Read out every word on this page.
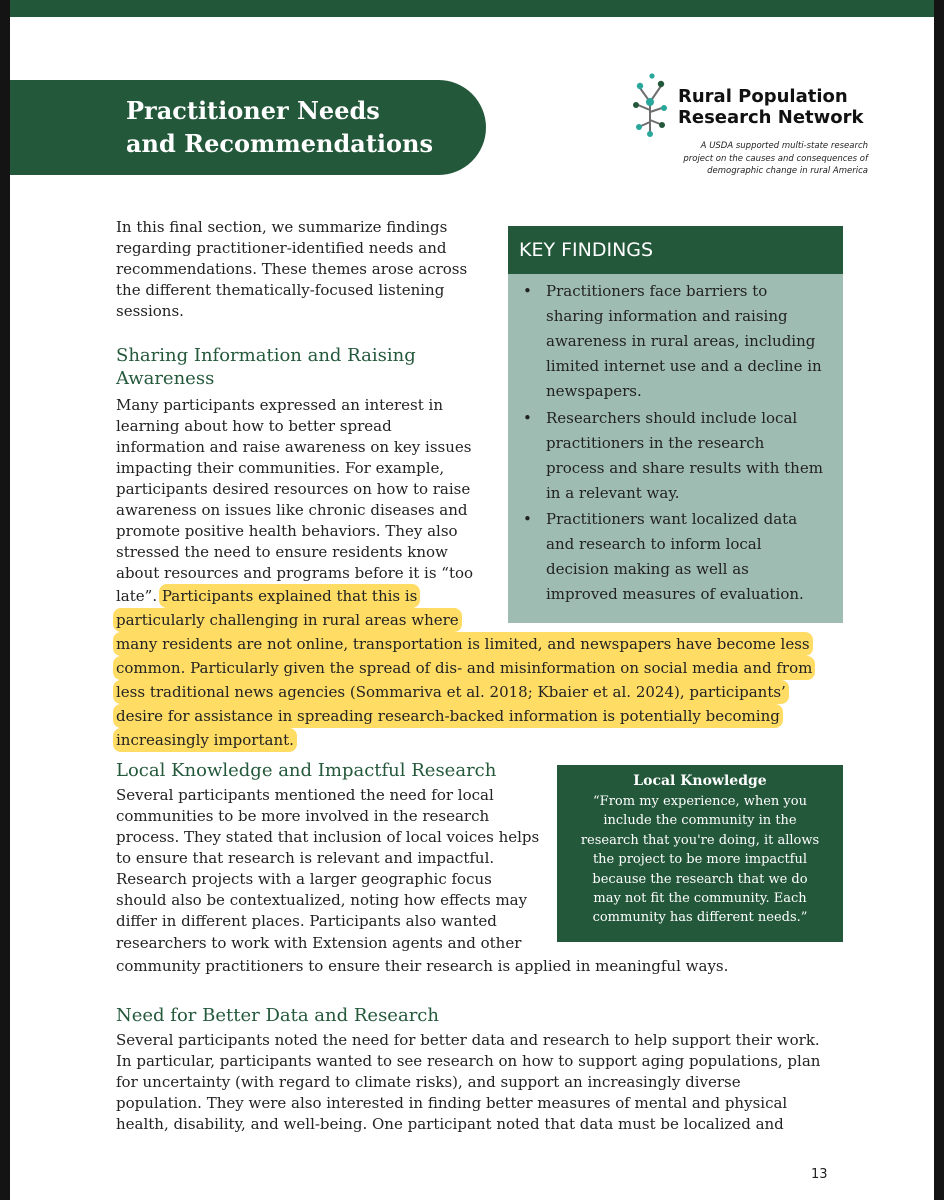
Practitioner Needs
and Recommendations

Rural Population
Research Network

A USDA supported multi-state research
project on the causes and consequences of
demographic change in rural America

In this final section, we summarize findings

regarding practitioner-identified needs and

recommendations. These themes arose across

the different thematically-focused listening

sessions.

Sharing Information and Raising
Awareness

Many participants expressed an interest in

learning about how to better spread

information and raise awareness on key issues

impacting their communities. For example,

participants desired resources on how to raise

awareness on issues like chronic diseases and

promote positive health behaviors. They also

stressed the need to ensure residents know

about resources and programs before it is “too

late”. Participants explained that this is

particularly challenging in rural areas where

many residents are not online, transportation is limited, and newspapers have become less

common. Particularly given the spread of dis- and misinformation on social media and from

less traditional news agencies (Sommariva et al. 2018; Kbaier et al. 2024), participants’

desire for assistance in spreading research-backed information is potentially becoming

increasingly important.

KEY FINDINGS

• Practitioners face barriers to

sharing information and raising

awareness in rural areas, including

limited internet use and a decline in

newspapers.

• Researchers should include local

practitioners in the research

process and share results with them

in a relevant way.

• Practitioners want localized data

and research to inform local

decision making as well as

improved measures of evaluation.

Local Knowledge and Impactful Research

Several participants mentioned the need for local

communities to be more involved in the research

process. They stated that inclusion of local voices helps

to ensure that research is relevant and impactful.

Research projects with a larger geographic focus

should also be contextualized, noting how effects may

differ in different places. Participants also wanted

researchers to work with Extension agents and other

community practitioners to ensure their research is applied in meaningful ways.

Local Knowledge

“From my experience, when you
include the community in the
research that you're doing, it allows
the project to be more impactful
because the research that we do
may not fit the community. Each
community has different needs.”

Need for Better Data and Research

Several participants noted the need for better data and research to help support their work.

In particular, participants wanted to see research on how to support aging populations, plan

for uncertainty (with regard to climate risks), and support an increasingly diverse

population. They were also interested in finding better measures of mental and physical

health, disability, and well-being. One participant noted that data must be localized and

13
